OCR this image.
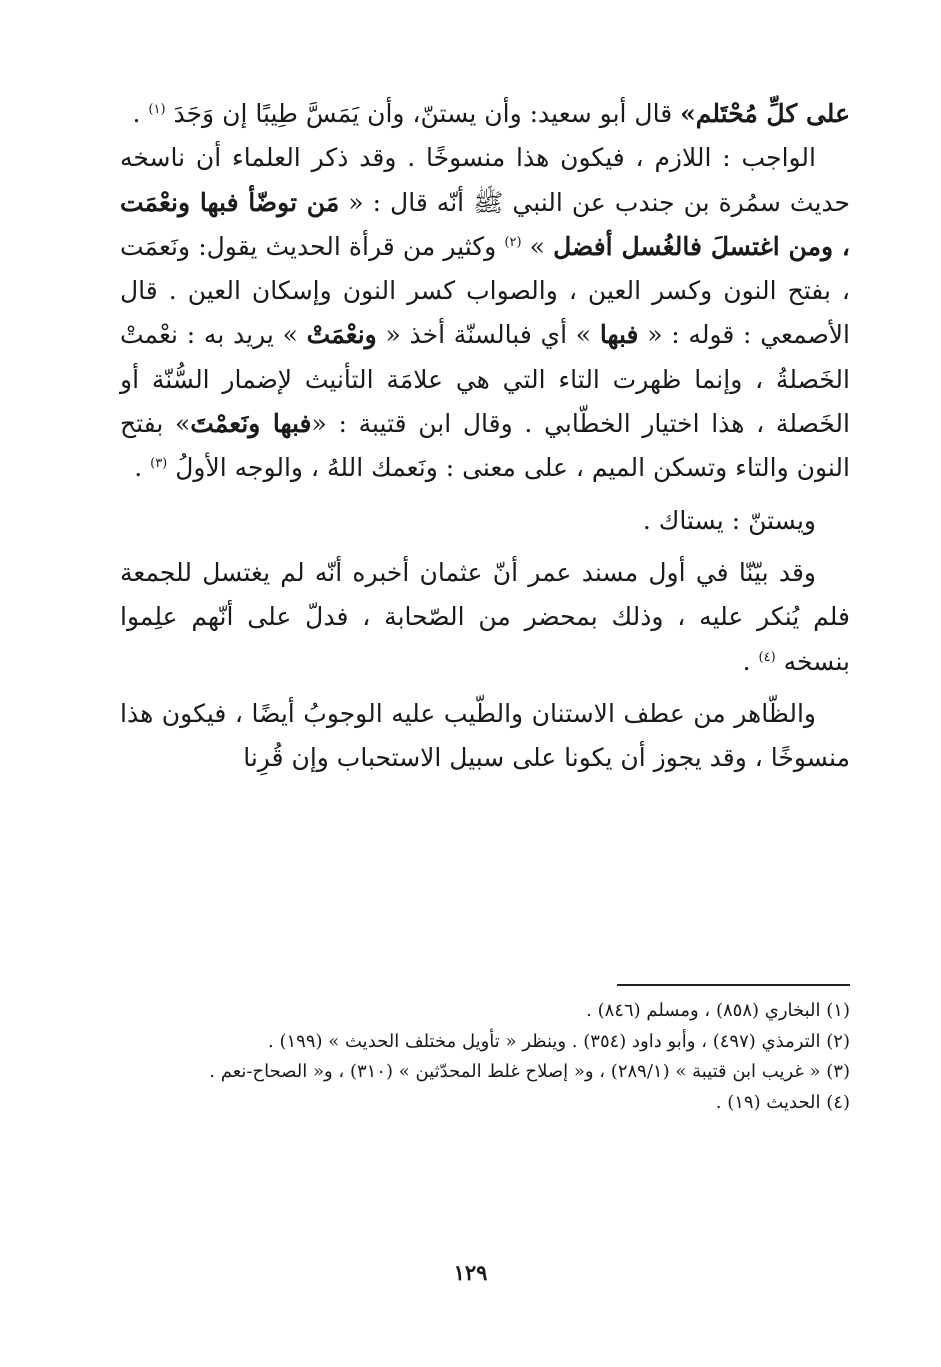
على كلِّ مُحْتَلم» قال أبو سعيد: وأن يستنّ، وأن يَمَسَّ طِيبًا إن وَجَدَ $^{(١)}$ .

الواجب : اللازم ، فيكون هذا منسوخًا . وقد ذكر العلماء أن ناسخه حديث سمُرة بن جندب عن النبي ﷺ أنّه قال : « مَن توضّأ فبها ونعْمَت ، ومن اغتسلَ فالغُسل أفضل » $^{(٢)}$ وكثير من قرأة الحديث يقول: ونَعمَت ، بفتح النون وكسر العين ، والصواب كسر النون وإسكان العين . قال الأصمعي : قوله : « فبها » أي فبالسنّة أخذ « ونعْمَتْ » يريد به : نعْمتْ الخَصلةُ ، وإنما ظهرت التاء التي هي علامَة التأنيث لإضمار السُّنّة أو الخَصلة ، هذا اختيار الخطّابي . وقال ابن قتيبة : «فبها ونَعمْتَ» بفتح النون والتاء وتسكن الميم ، على معنى : ونَعمك اللهُ ، والوجه الأولُ $^{(٣)}$ .

ويستنّ : يستاك .

وقد بيّنّا في أول مسند عمر أنّ عثمان أخبره أنّه لم يغتسل للجمعة فلم يُنكر عليه ، وذلك بمحضر من الصّحابة ، فدلّ على أنّهم علِموا بنسخه $^{(٤)}$ .

والظّاهر من عطف الاستنان والطّيب عليه الوجوبُ أيضًا ، فيكون هذا منسوخًا ، وقد يجوز أن يكونا على سبيل الاستحباب وإن قُرِنا

(١) البخاري (٨٥٨) ، ومسلم (٨٤٦) .

(٢) الترمذي (٤٩٧) ، وأبو داود (٣٥٤) . وينظر « تأويل مختلف الحديث » (١٩٩) .

(٣) « غريب ابن قتيبة » (٢٨٩/١) ، و« إصلاح غلط المحدّثين » (٣١٠) ، و« الصحاح-نعم .

(٤) الحديث (١٩) .

١٢٩
